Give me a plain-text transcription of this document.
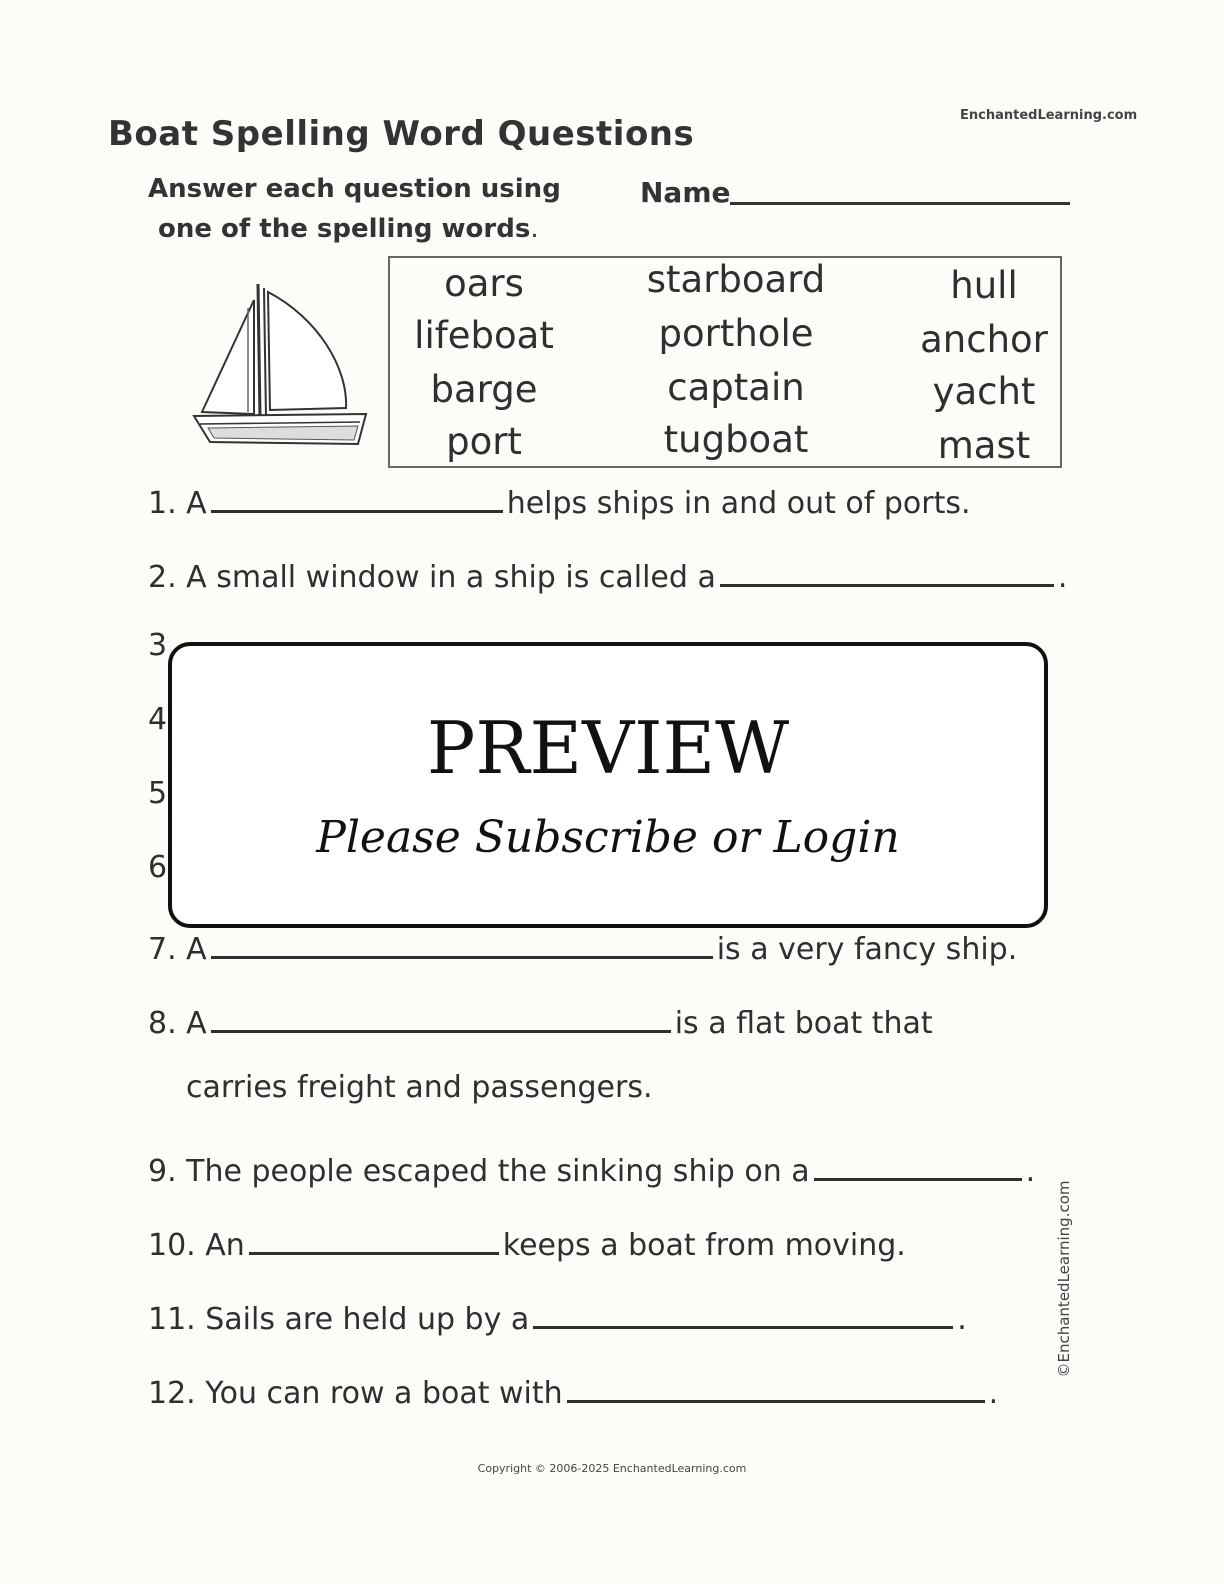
Boat Spelling Word Questions	EnchantedLearning.com
Answer each question using
one of the spelling words.
Name
oars	starboard	hull
lifeboat	porthole	anchor
barge	captain	yacht
port	tugboat	mast
1. A	helps ships in and out of ports.
2. A small window in a ship is called a	.
3
4
5
6
7. A	is a very fancy ship.
8. A	is a flat boat that
carries freight and passengers.
9. The people escaped the sinking ship on a	.
10. An	keeps a boat from moving.
11. Sails are held up by a	.
12. You can row a boat with	.
PREVIEW
Please Subscribe or Login
©EnchantedLearning.com
Copyright © 2006-2025 EnchantedLearning.com
